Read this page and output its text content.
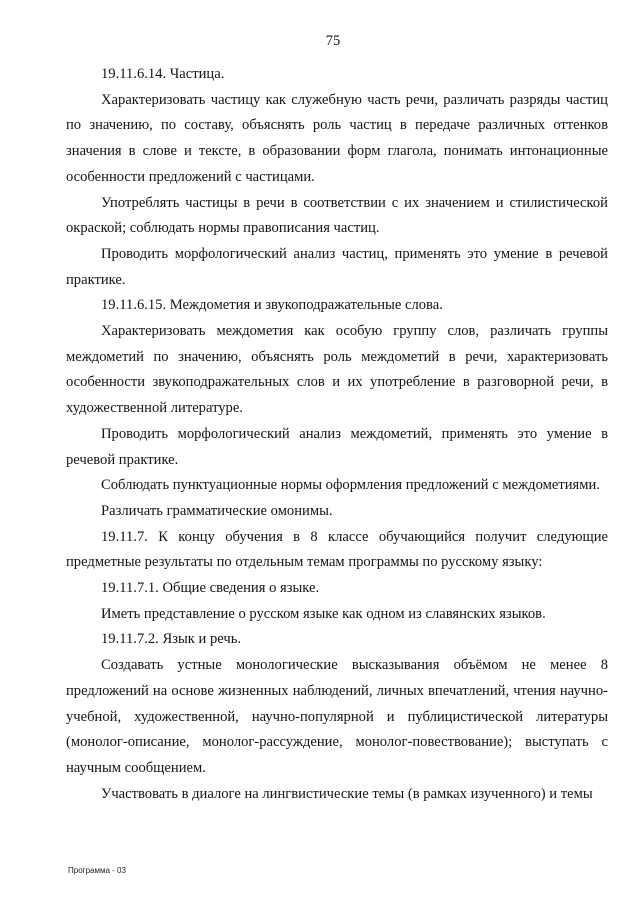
75

19.11.6.14. Частица.

Характеризовать частицу как служебную часть речи, различать разряды частиц по значению, по составу, объяснять роль частиц в передаче различных оттенков значения в слове и тексте, в образовании форм глагола, понимать интонационные особенности предложений с частицами.

Употреблять частицы в речи в соответствии с их значением и стилистической окраской; соблюдать нормы правописания частиц.

Проводить морфологический анализ частиц, применять это умение в речевой практике.

19.11.6.15. Междометия и звукоподражательные слова.

Характеризовать междометия как особую группу слов, различать группы междометий по значению, объяснять роль междометий в речи, характеризовать особенности звукоподражательных слов и их употребление в разговорной речи, в художественной литературе.

Проводить морфологический анализ междометий, применять это умение в речевой практике.

Соблюдать пунктуационные нормы оформления предложений с междометиями.

Различать грамматические омонимы.

19.11.7. К концу обучения в 8 классе обучающийся получит следующие предметные результаты по отдельным темам программы по русскому языку:

19.11.7.1. Общие сведения о языке.

Иметь представление о русском языке как одном из славянских языков.

19.11.7.2. Язык и речь.

Создавать устные монологические высказывания объёмом не менее 8 предложений на основе жизненных наблюдений, личных впечатлений, чтения научно-учебной, художественной, научно-популярной и публицистической литературы (монолог-описание, монолог-рассуждение, монолог-повествование); выступать с научным сообщением.

Участвовать в диалоге на лингвистические темы (в рамках изученного) и темы

Программа - 03
